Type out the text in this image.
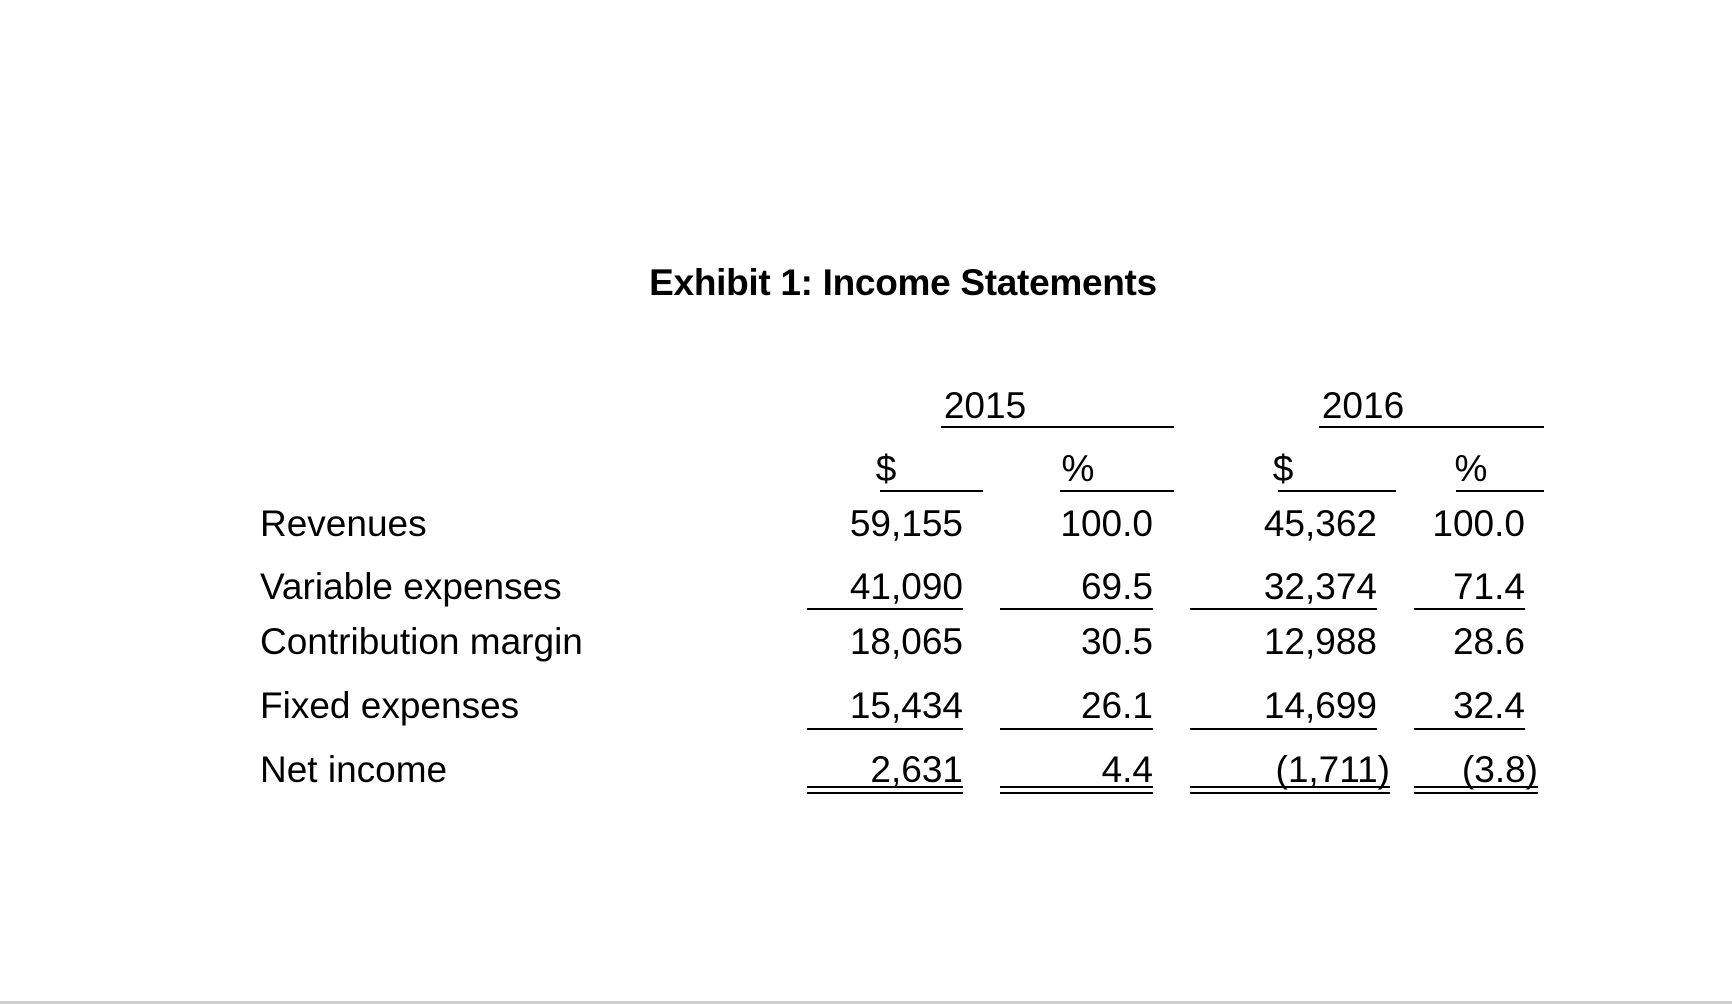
Exhibit 1: Income Statements
2015	2016
$	%	$	%
Revenues	59,155	100.0	45,362	100.0
Variable expenses	41,090	69.5	32,374	71.4
Contribution margin	18,065	30.5	12,988	28.6
Fixed expenses	15,434	26.1	14,699	32.4
Net income	2,631	4.4	(1,711)	(3.8)
